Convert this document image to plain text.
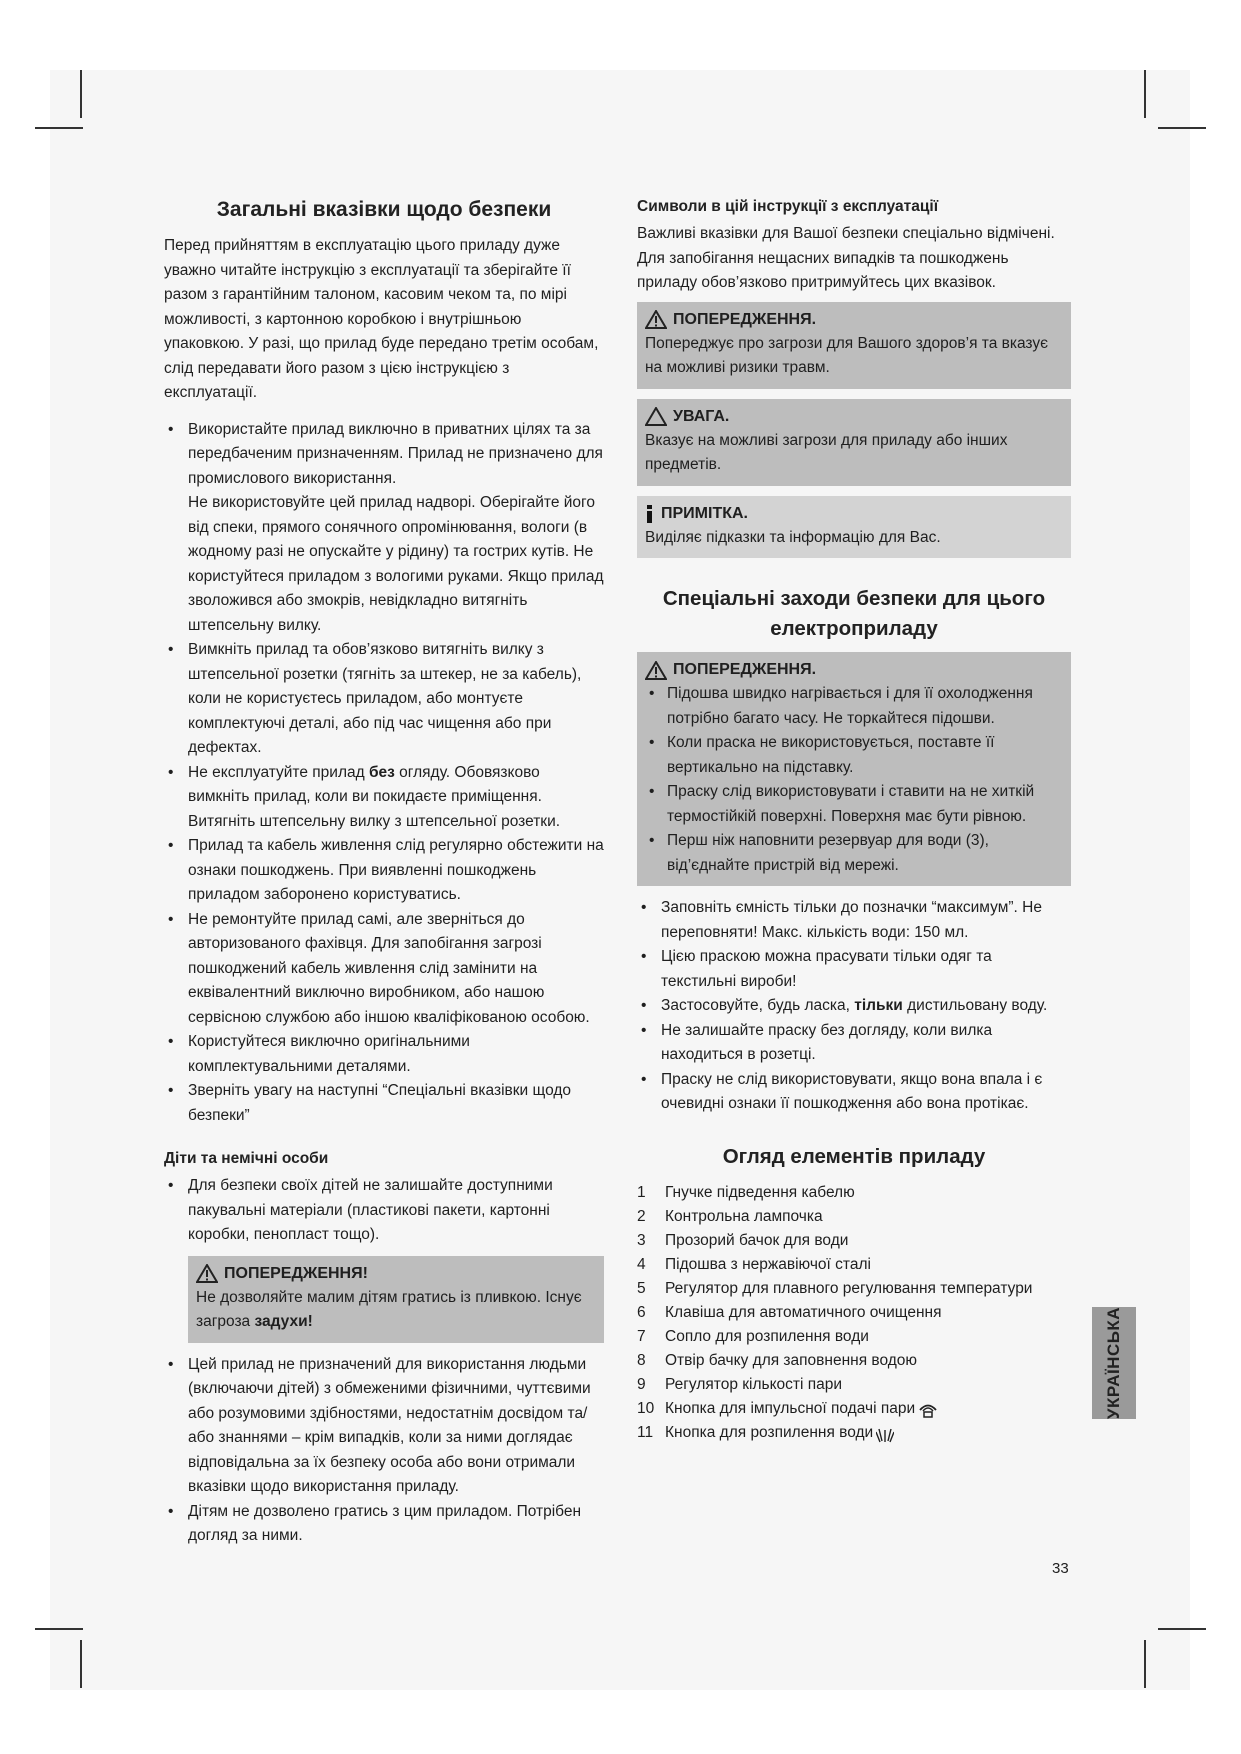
Загальні вказівки щодо безпеки

Перед прийняттям в експлуатацію цього приладу дуже уважно читайте інструкцію з експлуатації та зберігайте її разом з гарантійним талоном, касовим чеком та, по мірі можливості, з картонною коробкою і внутрішньою упаковкою. У разі, що прилад буде передано третім особам, слід передавати його разом з цією інструкцією з експлуатації.

• Використайте прилад виключно в приватних цілях та за передбаченим призначенням. Прилад не призначено для промислового використання.
Не використовуйте цей прилад надворі. Оберігайте його від спеки, прямого сонячного опромінювання, вологи (в жодному разі не опускайте у рідину) та гострих кутів. Не користуйтеся приладом з вологими руками. Якщо прилад зволожився або змокрів, невідкладно витягніть штепсельну вилку.
• Вимкніть прилад та обов’язково витягніть вилку з штепсельної розетки (тягніть за штекер, не за кабель), коли не користуєтесь приладом, або монтуєте комплектуючі деталі, або під час чищення або при дефектах.
• Не експлуатуйте прилад без огляду. Обовязково вимкніть прилад, коли ви покидаєте приміщення. Витягніть штепсельну вилку з штепсельної розетки.
• Прилад та кабель живлення слід регулярно обстежити на ознаки пошкоджень. При виявленні пошкоджень приладом заборонено користуватись.
• Не ремонтуйте прилад самі, але зверніться до авторизованого фахівця. Для запобігання загрозі пошкоджений кабель живлення слід замінити на еквівалентний виключно виробником, або нашою сервісною службою або іншою кваліфікованою особою.
• Користуйтеся виключно оригінальними комплектувальними деталями.
• Зверніть увагу на наступні “Спеціальні вказівки щодо безпеки”
Діти та немічні особи
• Для безпеки своїх дітей не залишайте доступними пакувальні матеріали (пластикові пакети, картонні коробки, пенопласт тощо).
ПОПЕРЕДЖЕННЯ!
Не дозволяйте малим дітям гратись із пливкою. Існує загроза задухи!
• Цей прилад не призначений для використання людьми (включаючи дітей) з обмеженими фізичними, чуттєвими або розумовими здібностями, недостатнім досвідом та/або знаннями – крім випадків, коли за ними доглядає відповідальна за їх безпеку особа або вони отримали вказівки щодо використання приладу.
• Дітям не дозволено гратись з цим приладом. Потрібен догляд за ними.
Символи в цій інструкції з експлуатації

Важливі вказівки для Вашої безпеки спеціально відмічені. Для запобігання нещасних випадків та пошкоджень приладу обов’язково притримуйтесь цих вказівок.

ПОПЕРЕДЖЕННЯ.
Попереджує про загрози для Вашого здоров’я та вказує на можливі ризики травм.
УВАГА.
Вказує на можливі загрози для приладу або інших предметів.
ПРИМІТКА.
Виділяє підказки та інформацію для Вас.
Спеціальні заходи безпеки для цього електроприладу
ПОПЕРЕДЖЕННЯ.
• Підошва швидко нагрівається і для її охолодження потрібно багато часу. Не торкайтеся підошви.
• Коли праска не використовується, поставте її вертикально на підставку.
• Праску слід використовувати і ставити на не хиткій термостійкій поверхні. Поверхня має бути рівною.
• Перш ніж наповнити резервуар для води (3), від’єднайте пристрій від мережі.
• Заповніть ємність тільки до позначки “максимум”. Не переповняти! Макс. кількість води: 150 мл.
• Цією праскою можна прасувати тільки одяг та текстильні вироби!
• Застосовуйте, будь ласка, тільки дистильовану воду.
• Не залишайте праску без догляду, коли вилка находиться в розетці.
• Праску не слід використовувати, якщо вона впала і є очевидні ознаки її пошкодження або вона протікає.
Огляд елементів приладу
1	Гнучке підведення кабелю
2	Контрольна лампочка
3	Прозорий бачок для води
4	Підошва з нержавіючої сталі
5	Регулятор для плавного регулювання температури
6	Клавіша для автоматичного очищення
7	Сопло для розпилення води
8	Отвір бачку для заповнення водою
9	Регулятор кількості пари
10 Кнопка для імпульсної подачі пари
11 Кнопка для розпилення води
УКРАЇНСЬКА
33
